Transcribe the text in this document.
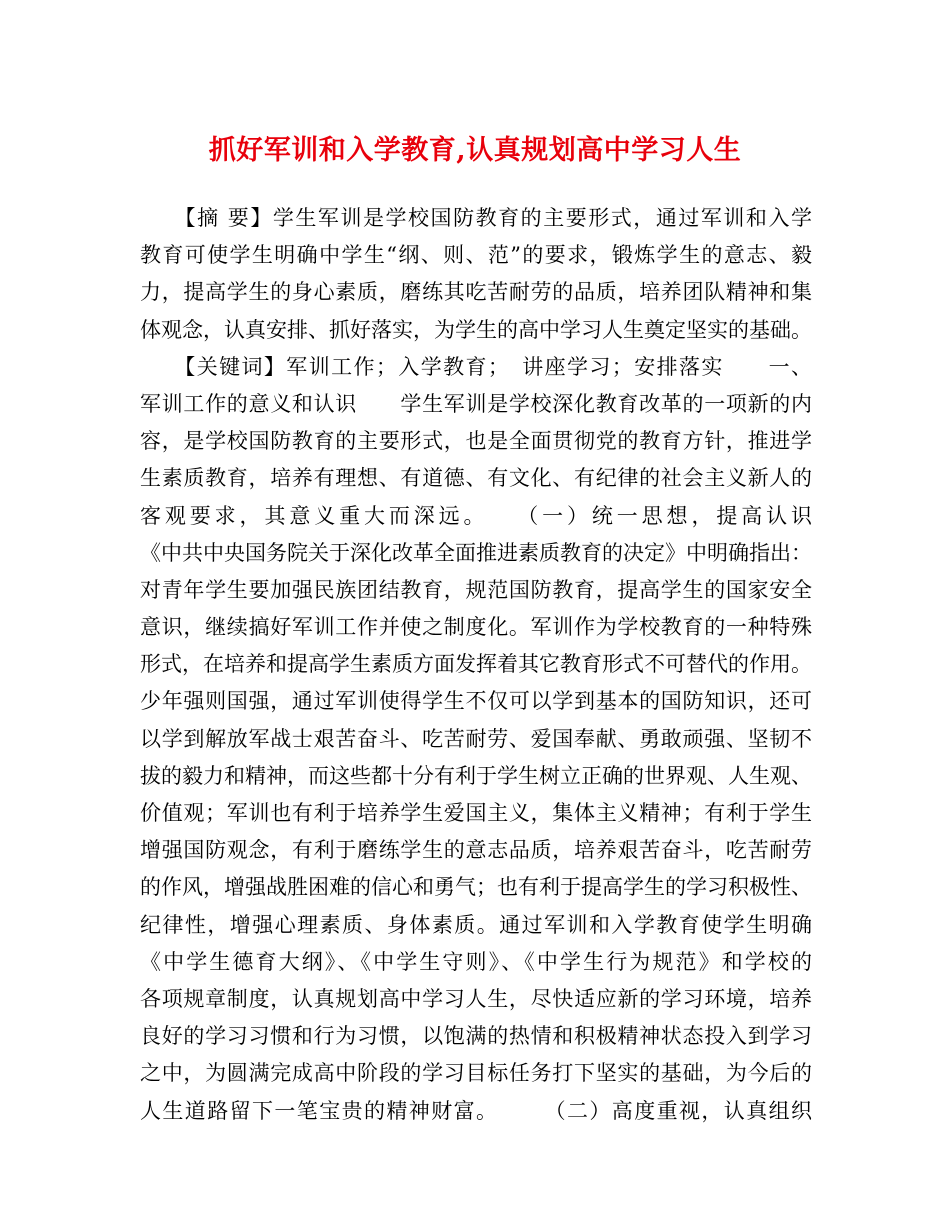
抓好军训和入学教育,认真规划高中学习人生
　　【摘 要】学生军训是学校国防教育的主要形式，通过军训和入学
教育可使学生明确中学生“纲、则、范”的要求，锻炼学生的意志、毅
力，提高学生的身心素质，磨练其吃苦耐劳的品质，培养团队精神和集
体观念，认真安排、抓好落实，为学生的高中学习人生奠定坚实的基础。
　　【关键词】军训工作；入学教育；　讲座学习；安排落实　　一、
军训工作的意义和认识　　学生军训是学校深化教育改革的一项新的内
容，是学校国防教育的主要形式，也是全面贯彻党的教育方针，推进学
生素质教育，培养有理想、有道德、有文化、有纪律的社会主义新人的
客观要求，其意义重大而深远。　　（一）统一思想，提高认识
《中共中央国务院关于深化改革全面推进素质教育的决定》中明确指出：
对青年学生要加强民族团结教育，规范国防教育，提高学生的国家安全
意识，继续搞好军训工作并使之制度化。军训作为学校教育的一种特殊
形式，在培养和提高学生素质方面发挥着其它教育形式不可替代的作用。
少年强则国强，通过军训使得学生不仅可以学到基本的国防知识，还可
以学到解放军战士艰苦奋斗、吃苦耐劳、爱国奉献、勇敢顽强、坚韧不
拔的毅力和精神，而这些都十分有利于学生树立正确的世界观、人生观、
价值观；军训也有利于培养学生爱国主义，集体主义精神；有利于学生
增强国防观念，有利于磨练学生的意志品质，培养艰苦奋斗，吃苦耐劳
的作风，增强战胜困难的信心和勇气；也有利于提高学生的学习积极性、
纪律性，增强心理素质、身体素质。通过军训和入学教育使学生明确
《中学生德育大纲》、《中学生守则》、《中学生行为规范》和学校的
各项规章制度，认真规划高中学习人生，尽快适应新的学习环境，培养
良好的学习习惯和行为习惯，以饱满的热情和积极精神状态投入到学习
之中，为圆满完成高中阶段的学习目标任务打下坚实的基础，为今后的
人生道路留下一笔宝贵的精神财富。　　　（二）高度重视，认真组织
